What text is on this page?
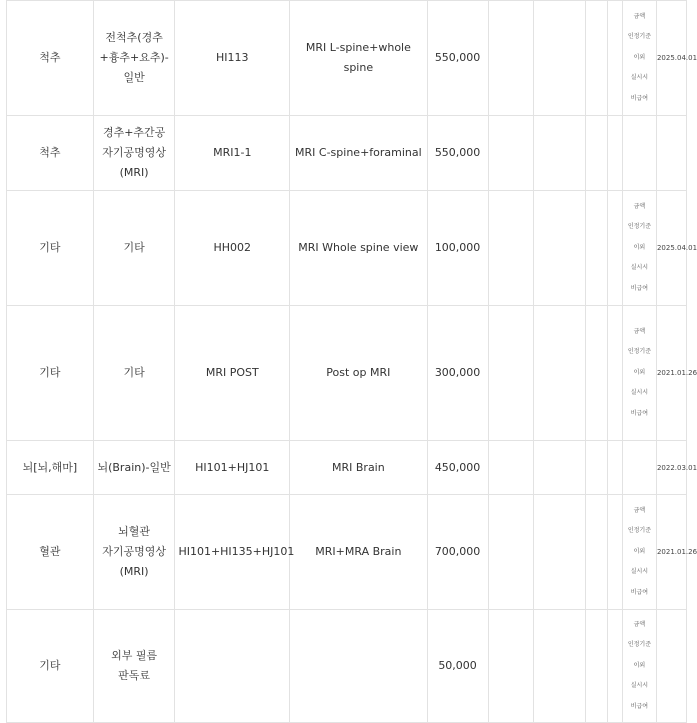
척추	전척추(경추+흉추+요추)-일반	HI113	MRI L-spine+whole spine	550,000					금액 인정기준 이외 실시시 비급여	2025.04.01
척추	경추+추간공 자기공명영상(MRI)	MRI1-1	MRI C-spine+foraminal	550,000						
기타	기타	HH002	MRI Whole spine view	100,000					금액 인정기준 이외 실시시 비급여	2025.04.01
기타	기타	MRI POST	Post op MRI	300,000					금액 인정기준 이외 실시시 비급여	2021.01.26
뇌[뇌,해마]	뇌(Brain)-일반	HI101+HJ101	MRI Brain	450,000						2022.03.01
혈관	뇌혈관 자기공명영상(MRI)	HI101+HI135+HJ101	MRI+MRA Brain	700,000					금액 인정기준 이외 실시시 비급여	2021.01.26
기타	외부 필름 판독료			50,000					금액 인정기준 이외 실시시 비급여	
